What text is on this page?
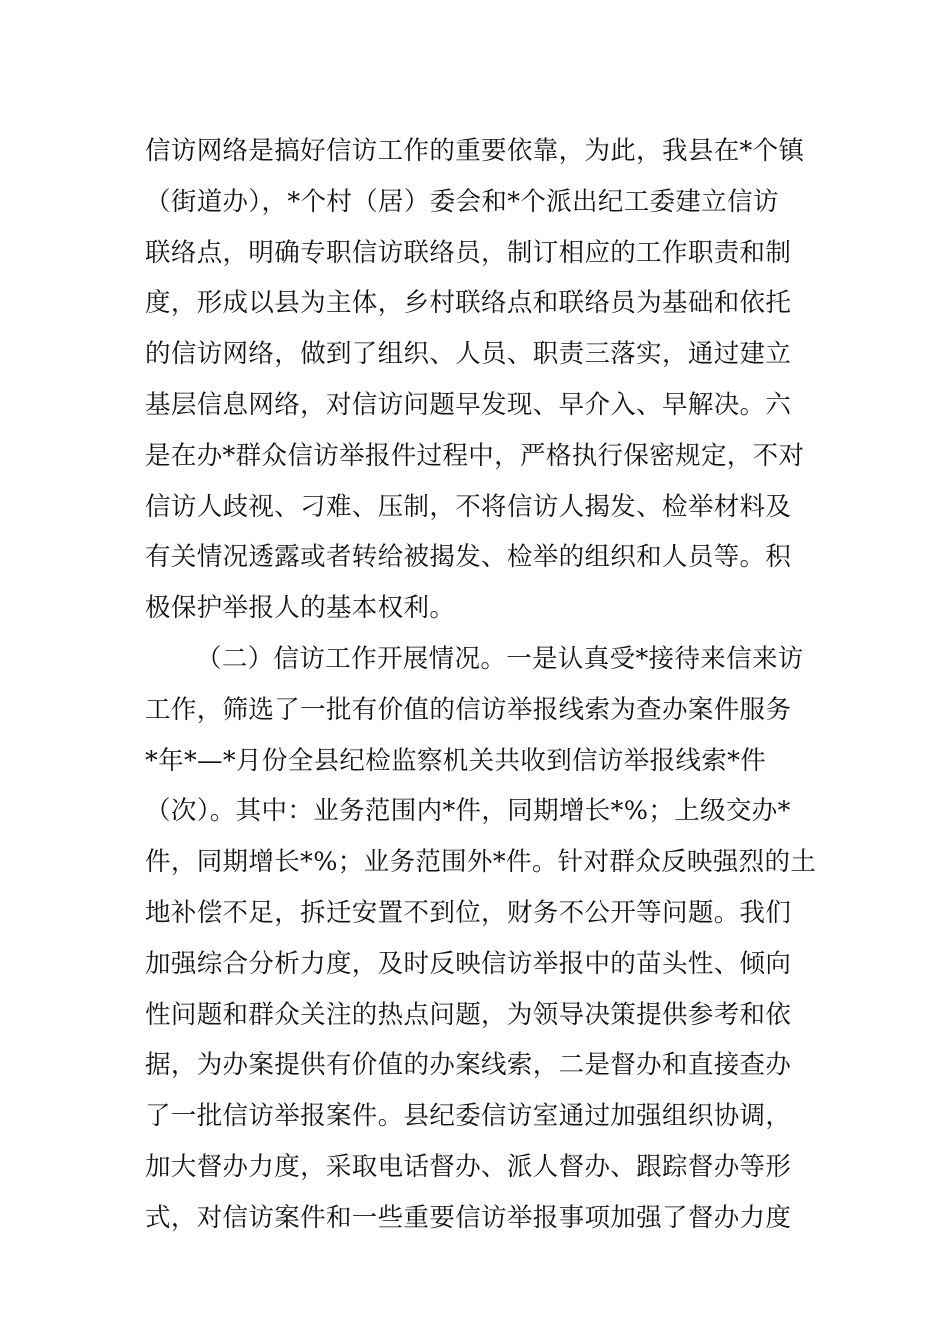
信访网络是搞好信访工作的重要依靠，为此，我县在*个镇
（街道办），*个村（居）委会和*个派出纪工委建立信访
联络点，明确专职信访联络员，制订相应的工作职责和制
度，形成以县为主体，乡村联络点和联络员为基础和依托
的信访网络，做到了组织、人员、职责三落实，通过建立
基层信息网络，对信访问题早发现、早介入、早解决。六
是在办*群众信访举报件过程中，严格执行保密规定，不对
信访人歧视、刁难、压制，不将信访人揭发、检举材料及
有关情况透露或者转给被揭发、检举的组织和人员等。积
极保护举报人的基本权利。
（二）信访工作开展情况。一是认真受*接待来信来访
工作，筛选了一批有价值的信访举报线索为查办案件服务
*年*—*月份全县纪检监察机关共收到信访举报线索*件
（次）。其中：业务范围内*件，同期增长*%；上级交办*
件，同期增长*%；业务范围外*件。针对群众反映强烈的土
地补偿不足，拆迁安置不到位，财务不公开等问题。我们
加强综合分析力度，及时反映信访举报中的苗头性、倾向
性问题和群众关注的热点问题，为领导决策提供参考和依
据，为办案提供有价值的办案线索，二是督办和直接查办
了一批信访举报案件。县纪委信访室通过加强组织协调，
加大督办力度，采取电话督办、派人督办、跟踪督办等形
式，对信访案件和一些重要信访举报事项加强了督办力度
